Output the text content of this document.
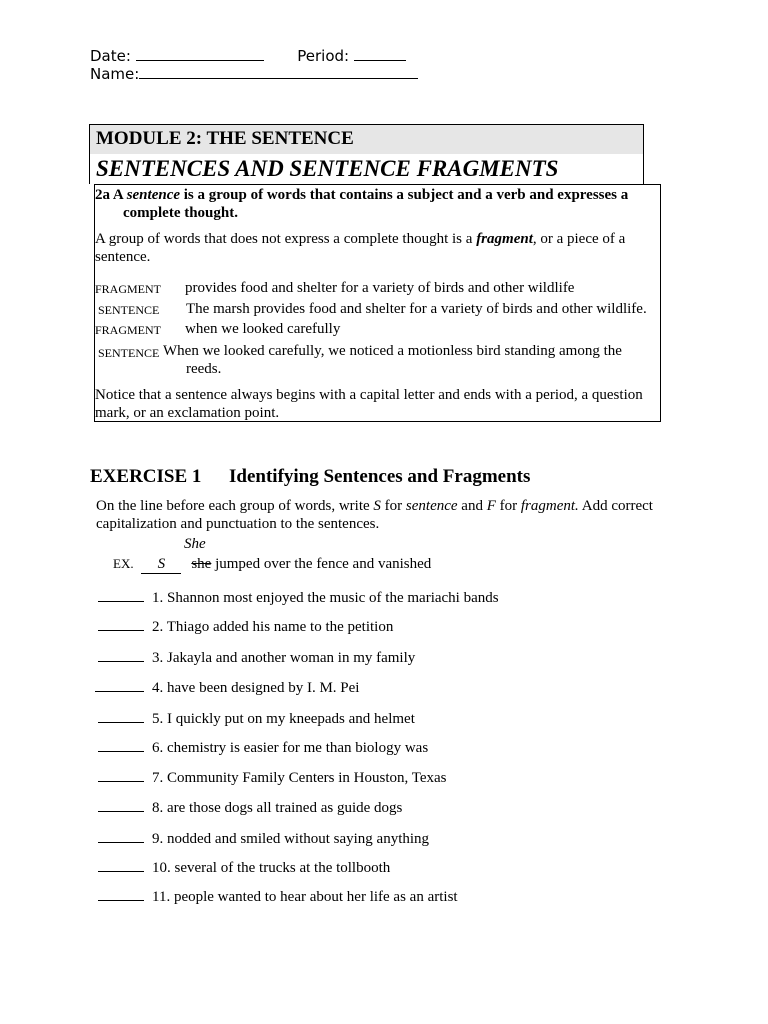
Date:	Period:
Name:
MODULE 2: THE SENTENCE
SENTENCES AND SENTENCE FRAGMENTS
2a A sentence is a group of words that contains a subject and a verb and expresses a
complete thought.
A group of words that does not express a complete thought is a fragment, or a piece of a
sentence.
FRAGMENT provides food and shelter for a variety of birds and other wildlife
SENTENCE The marsh provides food and shelter for a variety of birds and other wildlife.
FRAGMENT when we looked carefully
SENTENCE When we looked carefully, we noticed a motionless bird standing among the
reeds.
Notice that a sentence always begins with a capital letter and ends with a period, a question
mark, or an exclamation point.
EXERCISE 1 Identifying Sentences and Fragments
On the line before each group of words, write S for sentence and F for fragment. Add correct
capitalization and punctuation to the sentences.
She
EX. S she jumped over the fence and vanished
1. Shannon most enjoyed the music of the mariachi bands
2. Thiago added his name to the petition
3. Jakayla and another woman in my family
4. have been designed by I. M. Pei
5. I quickly put on my kneepads and helmet
6. chemistry is easier for me than biology was
7. Community Family Centers in Houston, Texas
8. are those dogs all trained as guide dogs
9. nodded and smiled without saying anything
10. several of the trucks at the tollbooth
11. people wanted to hear about her life as an artist
